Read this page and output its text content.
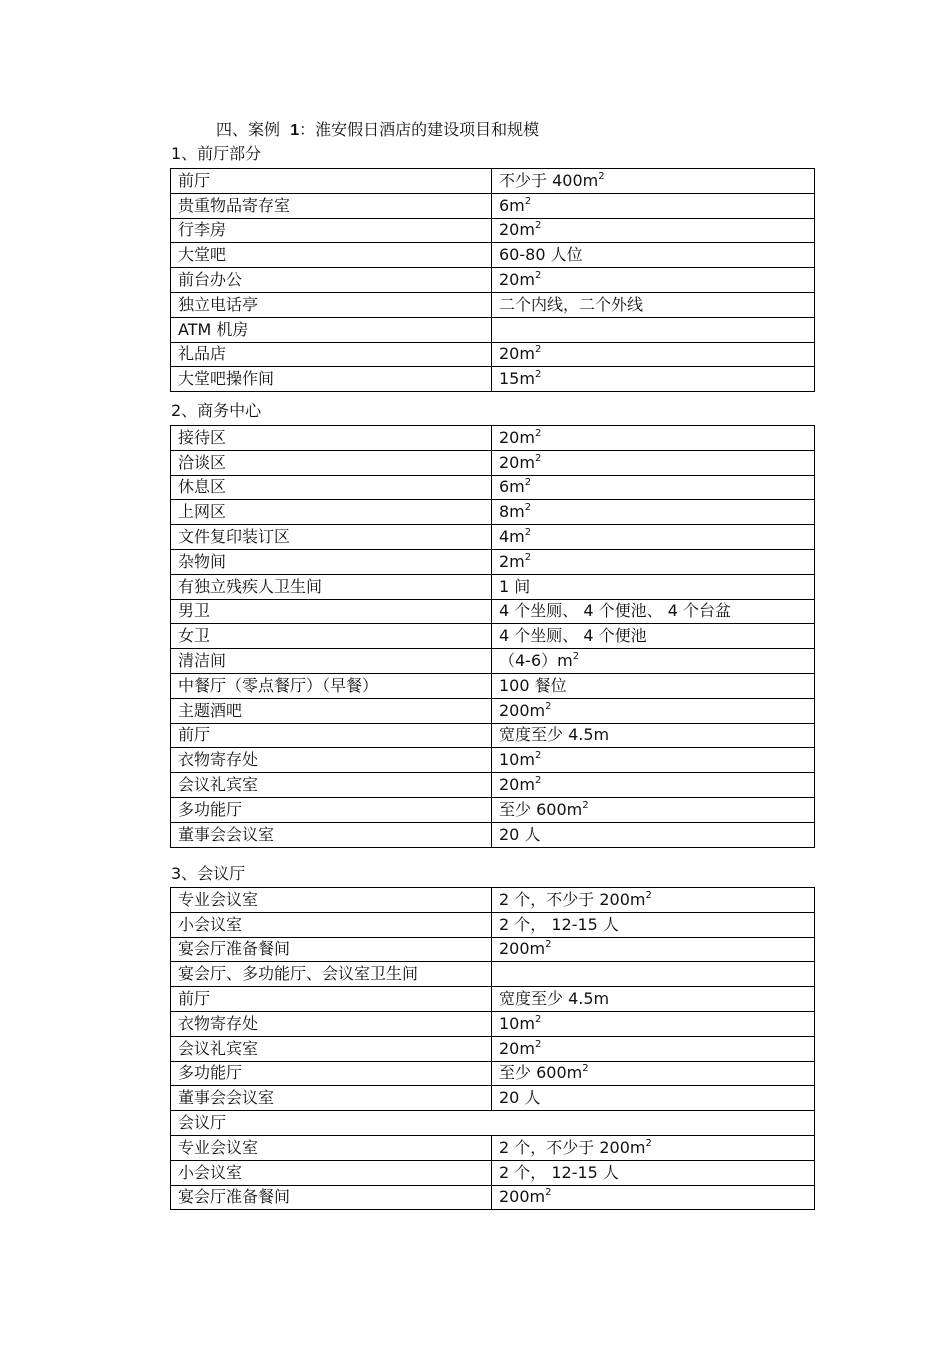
四、案例 1：淮安假日酒店的建设项目和规模
1、前厅部分
前厅	不少于 $400m^2$
贵重物品寄存室	$6m^2$
行李房	$20m^2$
大堂吧	60-80 人位
前台办公	$20m^2$
独立电话亭	二个内线，二个外线
ATM 机房	
礼品店	$20m^2$
大堂吧操作间	$15m^2$
2、商务中心
接待区	$20m^2$
洽谈区	$20m^2$
休息区	$6m^2$
上网区	$8m^2$
文件复印装订区	$4m^2$
杂物间	$2m^2$
有独立残疾人卫生间	1 间
男卫	4 个坐厕、 4 个便池、 4 个台盆
女卫	4 个坐厕、 4 个便池
清洁间	$(4-6)m^2$
中餐厅（零点餐厅）（早餐）	100 餐位
主题酒吧	$200m^2$
前厅	宽度至少 4.5m
衣物寄存处	$10m^2$
会议礼宾室	$20m^2$
多功能厅	至少 $600m^2$
董事会会议室	20 人
3、会议厅
专业会议室	2 个，不少于 $200m^2$
小会议室	2 个， 12-15 人
宴会厅准备餐间	$200m^2$
宴会厅、多功能厅、会议室卫生间	
前厅	宽度至少 4.5m
衣物寄存处	$10m^2$
会议礼宾室	$20m^2$
多功能厅	至少 $600m^2$
董事会会议室	20 人
会议厅	
专业会议室	2 个，不少于 $200m^2$
小会议室	2 个， 12-15 人
宴会厅准备餐间	$200m^2$
